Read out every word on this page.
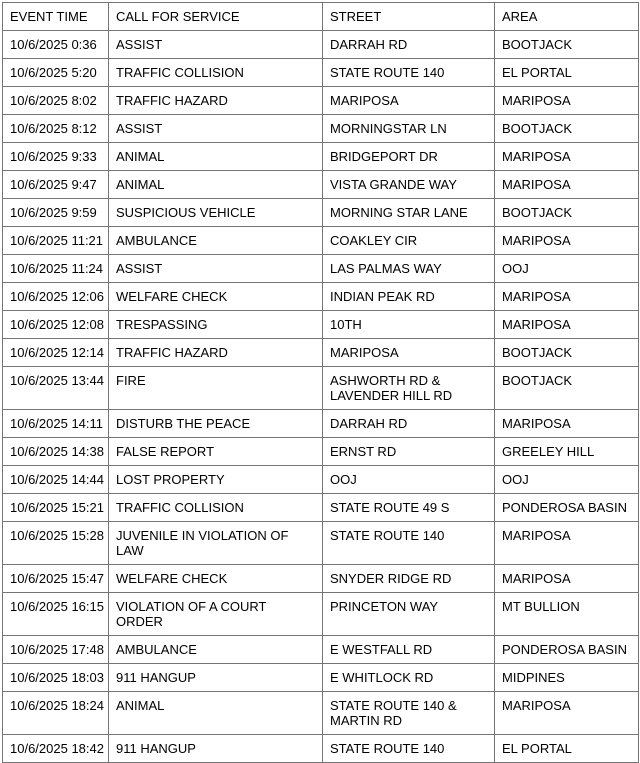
EVENT TIME	CALL FOR SERVICE	STREET	AREA
10/6/2025 0:36	ASSIST	DARRAH RD	BOOTJACK
10/6/2025 5:20	TRAFFIC COLLISION	STATE ROUTE 140	EL PORTAL
10/6/2025 8:02	TRAFFIC HAZARD	MARIPOSA	MARIPOSA
10/6/2025 8:12	ASSIST	MORNINGSTAR LN	BOOTJACK
10/6/2025 9:33	ANIMAL	BRIDGEPORT DR	MARIPOSA
10/6/2025 9:47	ANIMAL	VISTA GRANDE WAY	MARIPOSA
10/6/2025 9:59	SUSPICIOUS VEHICLE	MORNING STAR LANE	BOOTJACK
10/6/2025 11:21	AMBULANCE	COAKLEY CIR	MARIPOSA
10/6/2025 11:24	ASSIST	LAS PALMAS WAY	OOJ
10/6/2025 12:06	WELFARE CHECK	INDIAN PEAK RD	MARIPOSA
10/6/2025 12:08	TRESPASSING	10TH	MARIPOSA
10/6/2025 12:14	TRAFFIC HAZARD	MARIPOSA	BOOTJACK
10/6/2025 13:44	FIRE	ASHWORTH RD & LAVENDER HILL RD	BOOTJACK
10/6/2025 14:11	DISTURB THE PEACE	DARRAH RD	MARIPOSA
10/6/2025 14:38	FALSE REPORT	ERNST RD	GREELEY HILL
10/6/2025 14:44	LOST PROPERTY	OOJ	OOJ
10/6/2025 15:21	TRAFFIC COLLISION	STATE ROUTE 49 S	PONDEROSA BASIN
10/6/2025 15:28	JUVENILE IN VIOLATION OF LAW	STATE ROUTE 140	MARIPOSA
10/6/2025 15:47	WELFARE CHECK	SNYDER RIDGE RD	MARIPOSA
10/6/2025 16:15	VIOLATION OF A COURT ORDER	PRINCETON WAY	MT BULLION
10/6/2025 17:48	AMBULANCE	E WESTFALL RD	PONDEROSA BASIN
10/6/2025 18:03	911 HANGUP	E WHITLOCK RD	MIDPINES
10/6/2025 18:24	ANIMAL	STATE ROUTE 140 & MARTIN RD	MARIPOSA
10/6/2025 18:42	911 HANGUP	STATE ROUTE 140	EL PORTAL
